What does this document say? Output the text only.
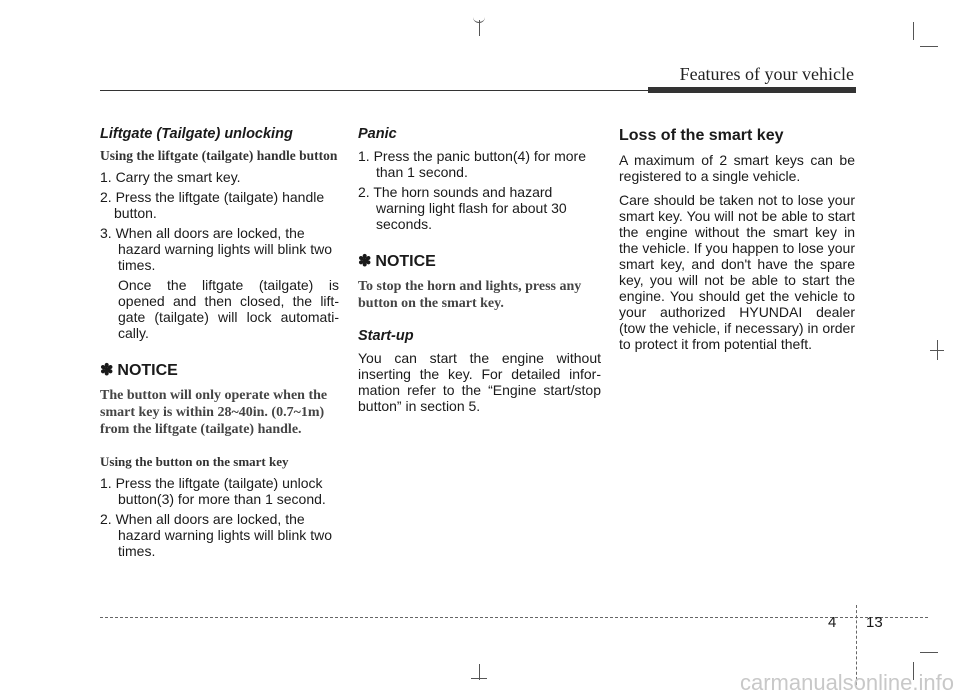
Features of your vehicle
Liftgate (Tailgate) unlocking
Using the liftgate (tailgate) handle button
1. Carry the smart key.
2. Press the liftgate (tailgate) handle button.
3. When all doors are locked, the hazard warning lights will blink two times.
Once the liftgate (tailgate) is opened and then closed, the lift-gate (tailgate) will lock automati-cally.
✽ NOTICE
The button will only operate when the smart key is within 28~40in. (0.7~1m) from the liftgate (tailgate) handle.
Using the button on the smart key
1. Press the liftgate (tailgate) unlock button(3) for more than 1 second.
2. When all doors are locked, the hazard warning lights will blink two times.
Panic
1. Press the panic button(4) for more than 1 second.
2. The horn sounds and hazard warning light flash for about 30 seconds.
✽ NOTICE
To stop the horn and lights, press any button on the smart key.
Start-up
You can start the engine without inserting the key. For detailed infor-mation refer to the “Engine start/stop button” in section 5.
Loss of the smart key
A maximum of 2 smart keys can be registered to a single vehicle.
Care should be taken not to lose your smart key. You will not be able to start the engine without the smart key in the vehicle. If you happen to lose your smart key, and don't have the spare key, you will not be able to start the engine. You should get the vehicle to your authorized HYUNDAI dealer (tow the vehicle, if necessary) in order to protect it from potential theft.
4 13
carmanualsonline.info
